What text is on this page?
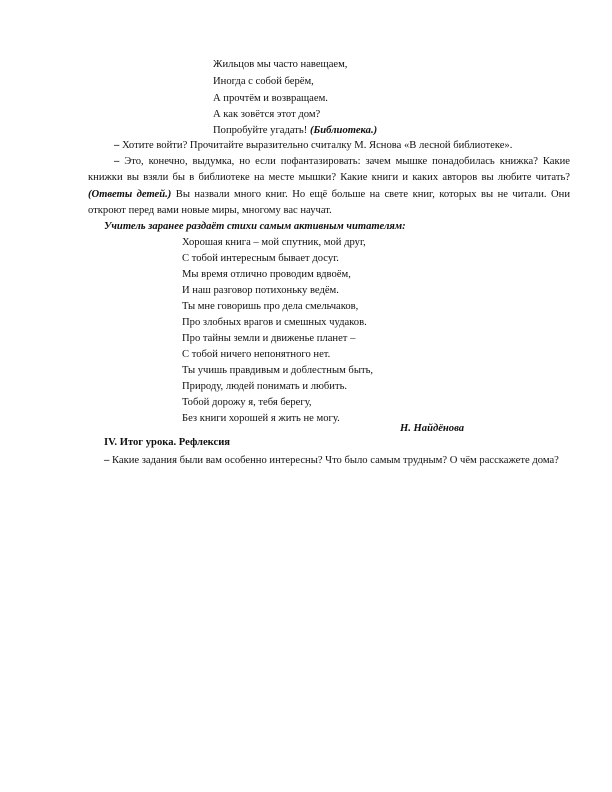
Жильцов мы часто навещаем,
Иногда с собой берём,
А прочтём и возвращаем.
А как зовётся этот дом?
Попробуйте угадать! (Библиотека.)
– Хотите войти? Прочитайте выразительно считалку М. Яснова «В лесной библиотеке».
– Это, конечно, выдумка, но если пофантазировать: зачем мышке понадобилась книжка? Какие книжки вы взяли бы в библиотеке на месте мышки? Какие книги и каких авторов вы любите читать? (Ответы детей.) Вы назвали много книг. Но ещё больше на свете книг, которых вы не читали. Они откроют перед вами новые миры, многому вас научат.
Учитель заранее раздаёт стихи самым активным читателям:
Хорошая книга – мой спутник, мой друг,
С тобой интересным бывает досуг.
Мы время отлично проводим вдвоём,
И наш разговор потихоньку ведём.
Ты мне говоришь про дела смельчаков,
Про злобных врагов и смешных чудаков.
Про тайны земли и движенье планет –
С тобой ничего непонятного нет.
Ты учишь правдивым и доблестным быть,
Природу, людей понимать и любить.
Тобой дорожу я, тебя берегу,
Без книги хорошей я жить не могу.
Н. Найдёнова
IV. Итог урока. Рефлексия
– Какие задания были вам особенно интересны? Что было самым трудным? О чём расскажете дома?
